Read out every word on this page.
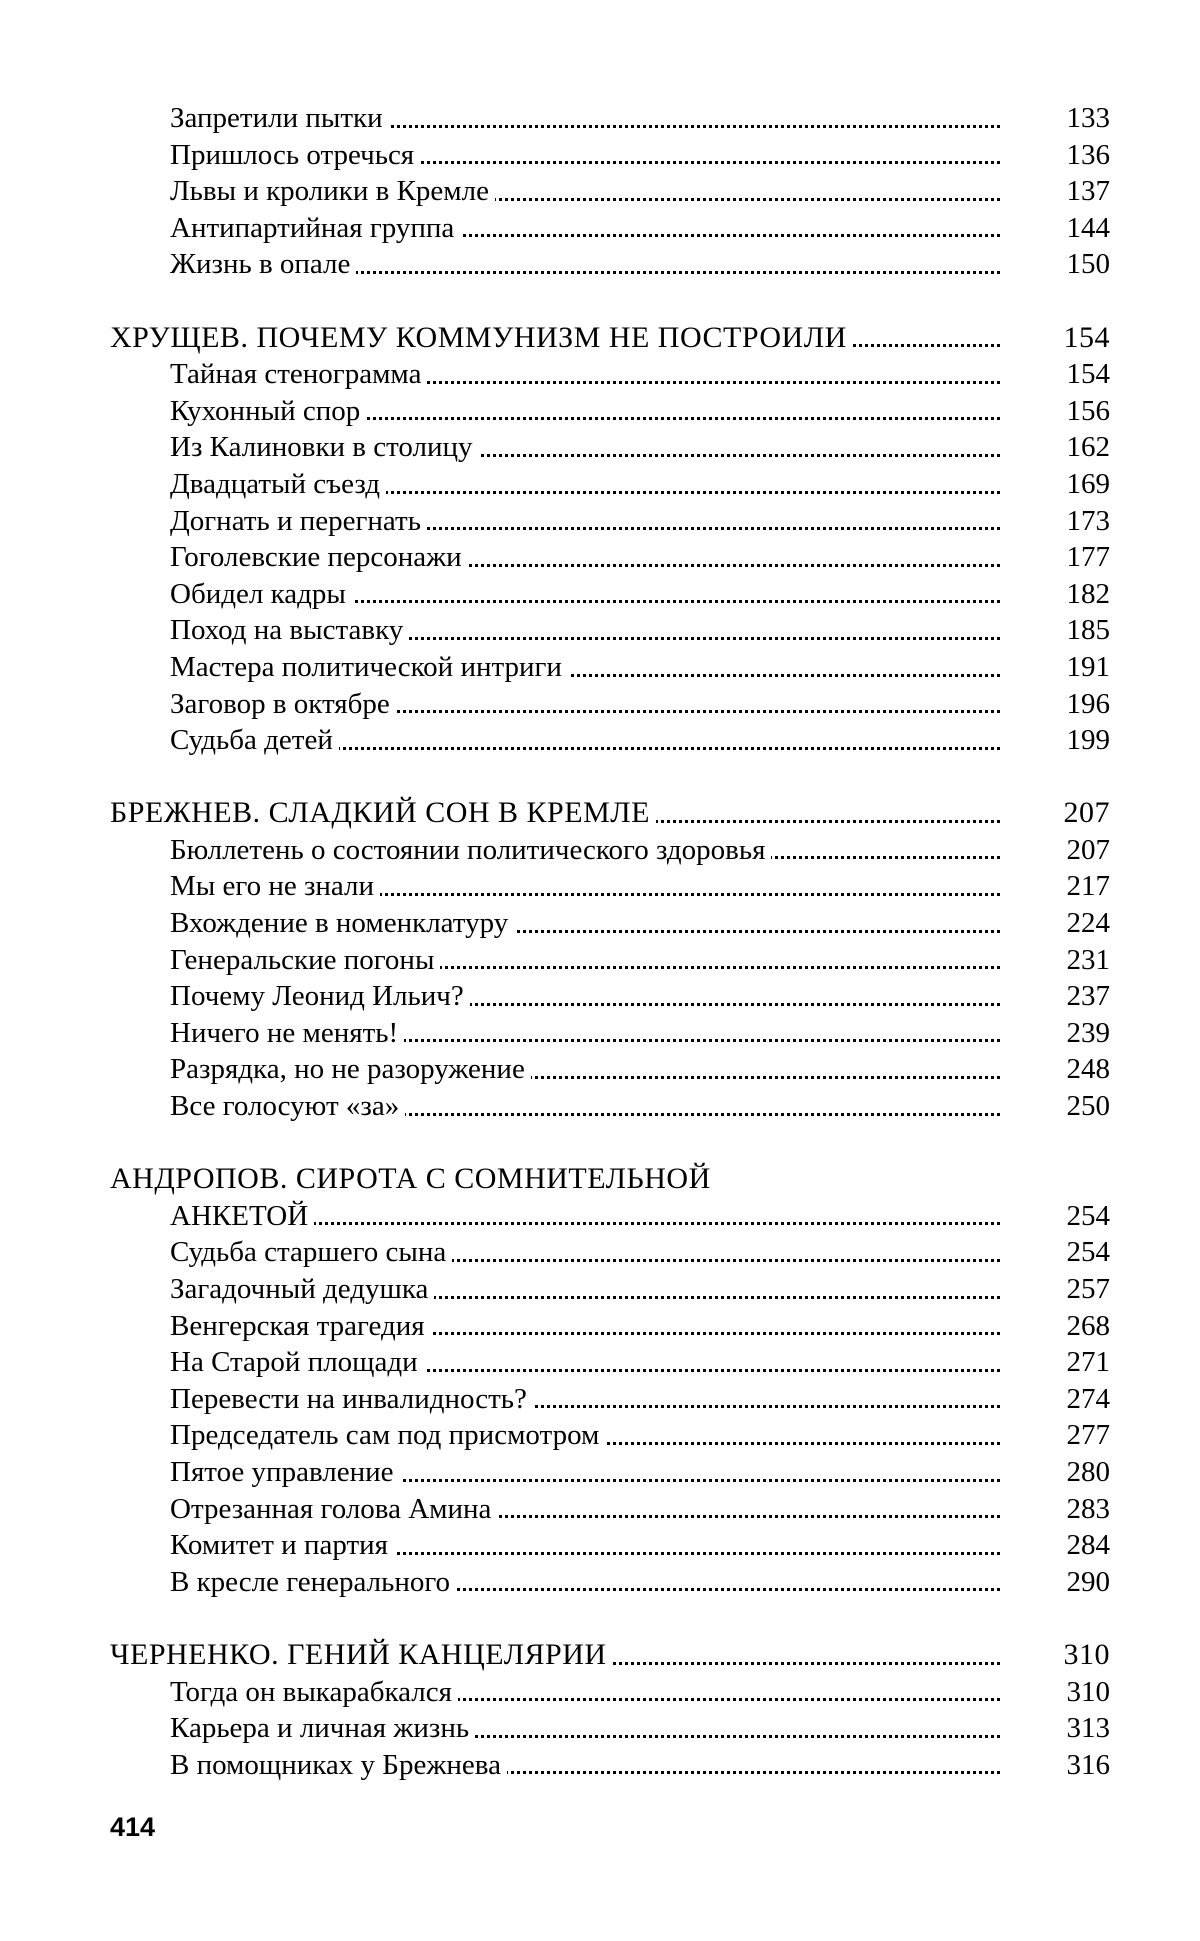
Запретили пытки	133
Пришлось отречься	136
Львы и кролики в Кремле	137
Антипартийная группа	144
Жизнь в опале	150
ХРУЩЕВ. ПОЧЕМУ КОММУНИЗМ НЕ ПОСТРОИЛИ	154
Тайная стенограмма	154
Кухонный спор	156
Из Калиновки в столицу	162
Двадцатый съезд	169
Догнать и перегнать	173
Гоголевские персонажи	177
Обидел кадры	182
Поход на выставку	185
Мастера политической интриги	191
Заговор в октябре	196
Судьба детей	199
БРЕЖНЕВ. СЛАДКИЙ СОН В КРЕМЛЕ	207
Бюллетень о состоянии политического здоровья	207
Мы его не знали	217
Вхождение в номенклатуру	224
Генеральские погоны	231
Почему Леонид Ильич?	237
Ничего не менять!	239
Разрядка, но не разоружение	248
Все голосуют «за»	250
АНДРОПОВ. СИРОТА С СОМНИТЕЛЬНОЙ
АНКЕТОЙ	254
Судьба старшего сына	254
Загадочный дедушка	257
Венгерская трагедия	268
На Старой площади	271
Перевести на инвалидность?	274
Председатель сам под присмотром	277
Пятое управление	280
Отрезанная голова Амина	283
Комитет и партия	284
В кресле генерального	290
ЧЕРНЕНКО. ГЕНИЙ КАНЦЕЛЯРИИ	310
Тогда он выкарабкался	310
Карьера и личная жизнь	313
В помощниках у Брежнева	316
414
